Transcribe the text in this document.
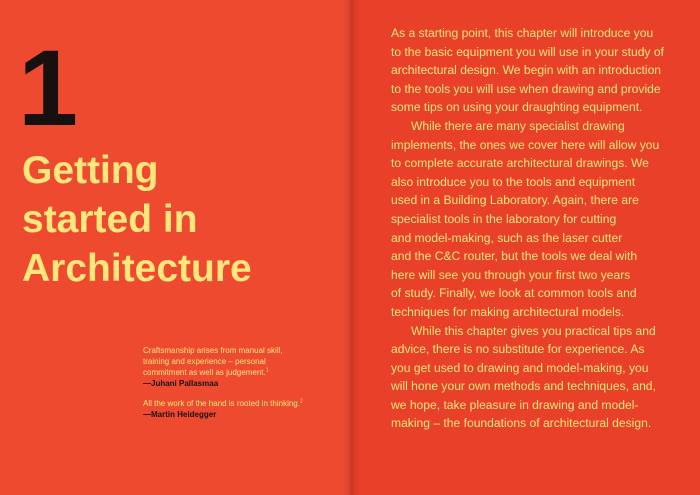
1
Getting
started in
Architecture

Craftsmanship arises from manual skill,
training and experience – personal
commitment as well as judgement.$^1$

—Juhani Pallasmaa

All the work of the hand is rooted in thinking.$^2$

—Martin Heidegger

As a starting point, this chapter will introduce you
to the basic equipment you will use in your study of
architectural design. We begin with an introduction
to the tools you will use when drawing and provide
some tips on using your draughting equipment.

While there are many specialist drawing
implements, the ones we cover here will allow you
to complete accurate architectural drawings. We
also introduce you to the tools and equipment
used in a Building Laboratory. Again, there are
specialist tools in the laboratory for cutting
and model-making, such as the laser cutter
and the C&C router, but the tools we deal with
here will see you through your first two years
of study. Finally, we look at common tools and
techniques for making architectural models.

While this chapter gives you practical tips and
advice, there is no substitute for experience. As
you get used to drawing and model-making, you
will hone your own methods and techniques, and,
we hope, take pleasure in drawing and model-
making – the foundations of architectural design.
